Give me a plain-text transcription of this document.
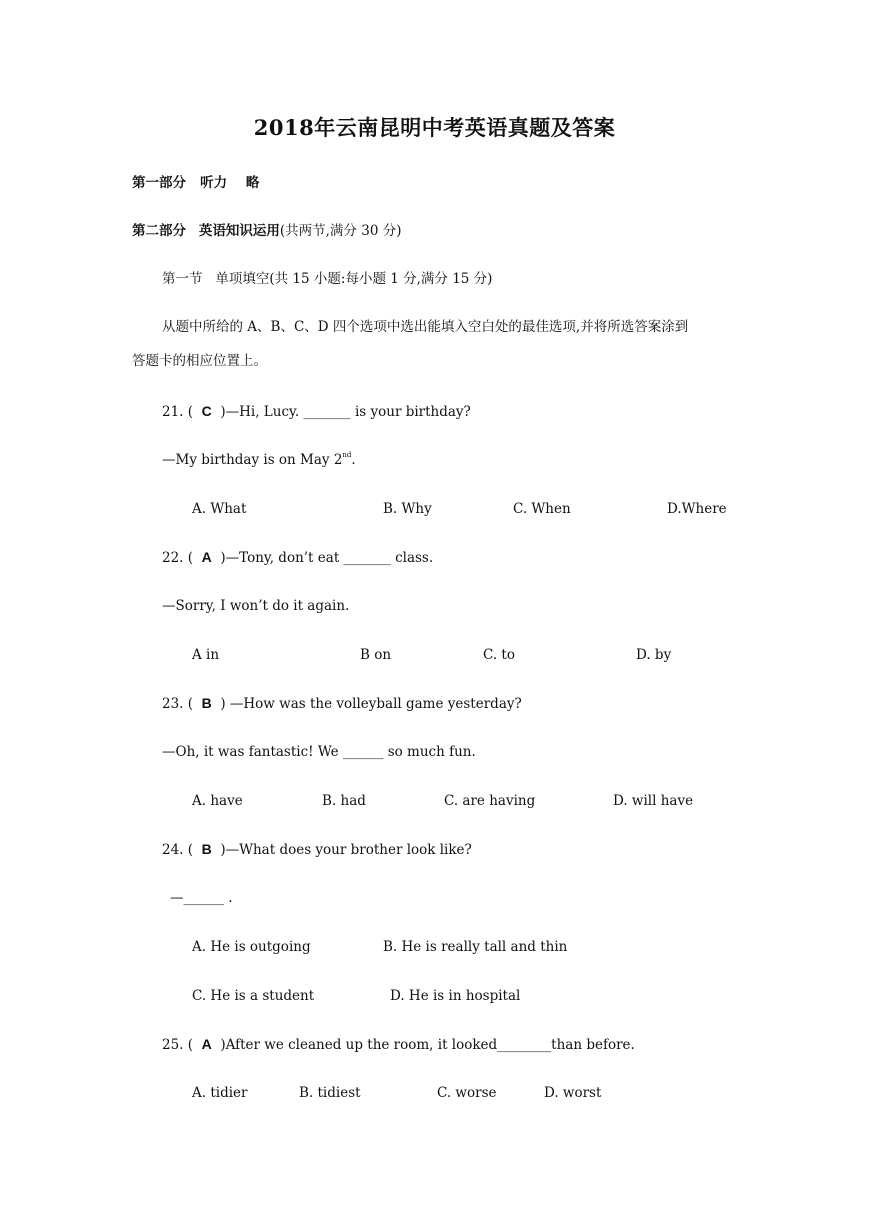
2018年云南昆明中考英语真题及答案
第一部分 听力 略
第二部分 英语知识运用(共两节,满分 30 分)
第一节 单项填空(共 15 小题:每小题 1 分,满分 15 分)
从题中所给的 A、B、C、D 四个选项中选出能填入空白处的最佳选项,并将所选答案涂到
答题卡的相应位置上。
21. (  C  )—Hi, Lucy. _______ is your birthday?
—My birthday is on May 2nd.
A. What	B. Why	C. When	D.Where
22. (  A  )—Tony, don’t eat _______ class.
—Sorry, I won’t do it again.
A in	B on	C. to	D. by
23. (  B  ) —How was the volleyball game yesterday?
—Oh, it was fantastic! We ______ so much fun.
A. have	B. had	C. are having	D. will have
24. (  B  )—What does your brother look like?
—______ .
A. He is outgoing	B. He is really tall and thin
C. He is a student	D. He is in hospital
25. (  A  )After we cleaned up the room, it looked________than before.
A. tidier	B. tidiest	C. worse	D. worst
